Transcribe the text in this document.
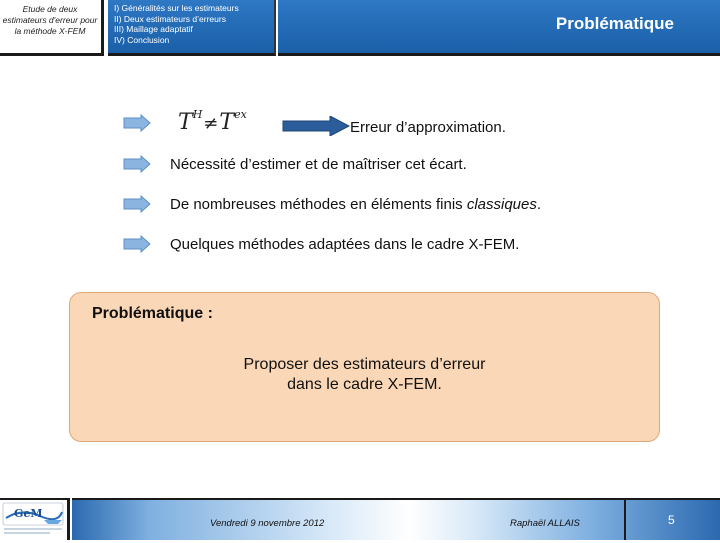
Etude de deux estimateurs d'erreur pour la méthode X-FEM
I) Généralités sur les estimateurs
II) Deux estimateurs d’erreurs
III) Maillage adaptatif
IV) Conclusion
Problématique
$T^H\ne T^{ex}$
Erreur d’approximation.
Nécessité d’estimer et de maîtriser cet écart.
De nombreuses méthodes en éléments finis classiques.
Quelques méthodes adaptées dans le cadre X-FEM.
Problématique :
Proposer des estimateurs d’erreur
dans le cadre X-FEM.
GeM
Vendredi 9 novembre 2012	Raphaël ALLAIS	5
